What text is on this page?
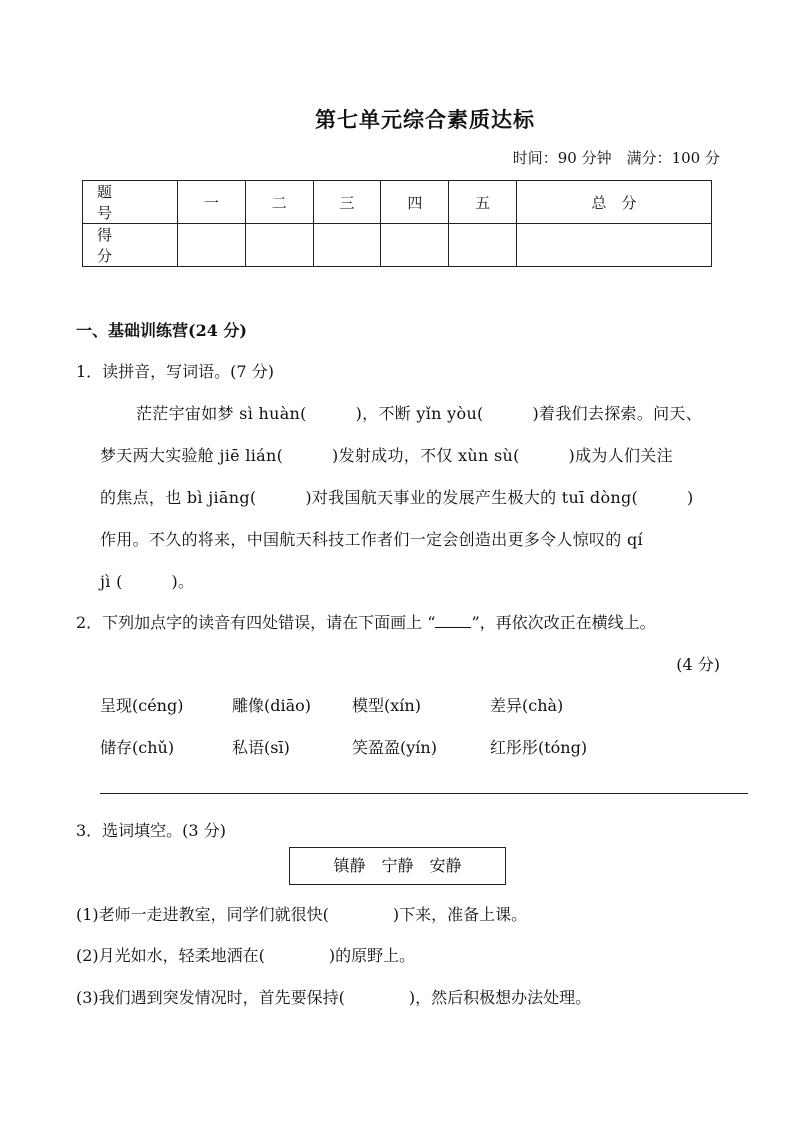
第七单元综合素质达标
时间：90 分钟　满分：100 分
题　号	一	二	三	四	五	总　分
得　分						
一、基础训练营(24 分)
1．读拼音，写词语。(7 分)
茫茫宇宙如梦 sì huàn(　　　)，不断 yǐn yòu(　　　)着我们去探索。问天、
梦天两大实验舱 jiē lián(　　　)发射成功，不仅 xùn sù(　　　)成为人们关注
的焦点，也 bì jiāng(　　　)对我国航天事业的发展产生极大的 tuī dòng(　　　)
作用。不久的将来，中国航天科技工作者们一定会创造出更多令人惊叹的 qí
jì (　　　)。
2．下列加点字的读音有四处错误，请在下面画上 “ ”，再依次改正在横线上。
(4 分)
呈现(céng)	雕像(diāo)	模型(xín)	差异(chà)
储存(chǔ)	私语(sī)	笑盈盈(yín)	红彤彤(tóng)
3．选词填空。(3 分)
镇静　宁静　安静
(1)老师一走进教室，同学们就很快(　　　　)下来，准备上课。
(2)月光如水，轻柔地洒在(　　　　)的原野上。
(3)我们遇到突发情况时，首先要保持(　　　　)，然后积极想办法处理。
